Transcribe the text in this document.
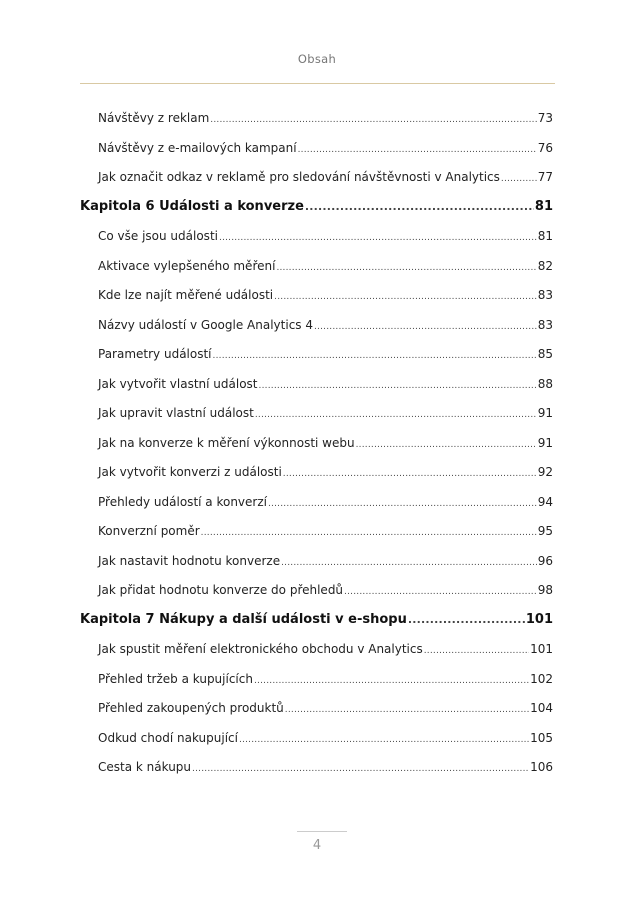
Obsah
Návštěvy z reklam .....	73
Návštěvy z e-mailových kampaní .....	76
Jak označit odkaz v reklamě pro sledování návštěvnosti v Analytics .....	77
Kapitola 6 Události a konverze .....	81
Co vše jsou události .....	81
Aktivace vylepšeného měření .....	82
Kde lze najít měřené události .....	83
Názvy událostí v Google Analytics 4 .....	83
Parametry událostí .....	85
Jak vytvořit vlastní událost .....	88
Jak upravit vlastní událost .....	91
Jak na konverze k měření výkonnosti webu .....	91
Jak vytvořit konverzi z události .....	92
Přehledy událostí a konverzí .....	94
Konverzní poměr .....	95
Jak nastavit hodnotu konverze .....	96
Jak přidat hodnotu konverze do přehledů .....	98
Kapitola 7 Nákupy a další události v e-shopu .....	101
Jak spustit měření elektronického obchodu v Analytics .....	101
Přehled tržeb a kupujících .....	102
Přehled zakoupených produktů .....	104
Odkud chodí nakupující .....	105
Cesta k nákupu .....	106
4
